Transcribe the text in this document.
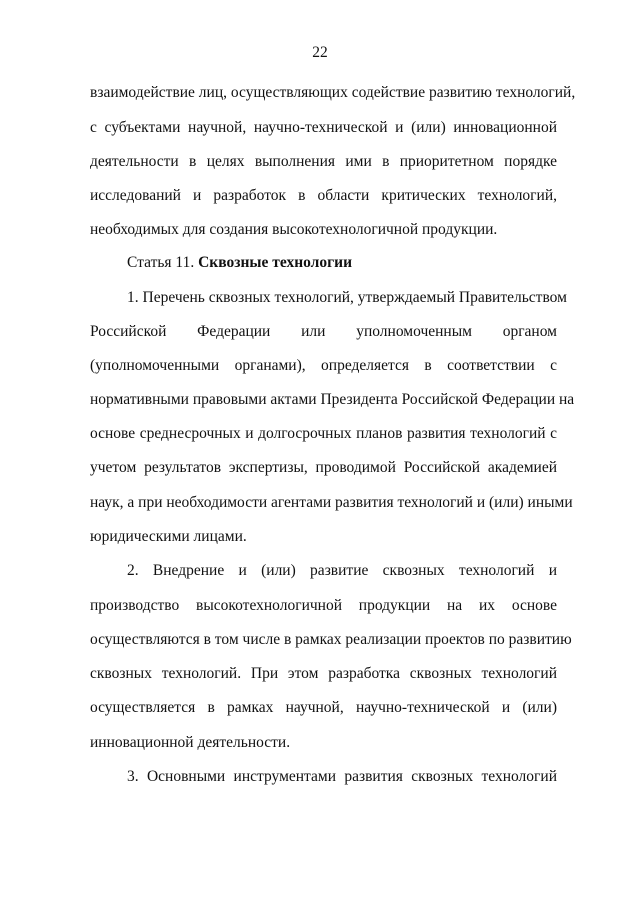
22
взаимодействие лиц, осуществляющих содействие развитию технологий,
с субъектами научной, научно-технической и (или) инновационной
деятельности в целях выполнения ими в приоритетном порядке
исследований и разработок в области критических технологий,
необходимых для создания высокотехнологичной продукции.
Статья 11. Сквозные технологии
1. Перечень сквозных технологий, утверждаемый Правительством
Российской Федерации или уполномоченным органом
(уполномоченными органами), определяется в соответствии с
нормативными правовыми актами Президента Российской Федерации на
основе среднесрочных и долгосрочных планов развития технологий с
учетом результатов экспертизы, проводимой Российской академией
наук, а при необходимости агентами развития технологий и (или) иными
юридическими лицами.
2. Внедрение и (или) развитие сквозных технологий и
производство высокотехнологичной продукции на их основе
осуществляются в том числе в рамках реализации проектов по развитию
сквозных технологий. При этом разработка сквозных технологий
осуществляется в рамках научной, научно-технической и (или)
инновационной деятельности.
3. Основными инструментами развития сквозных технологий
